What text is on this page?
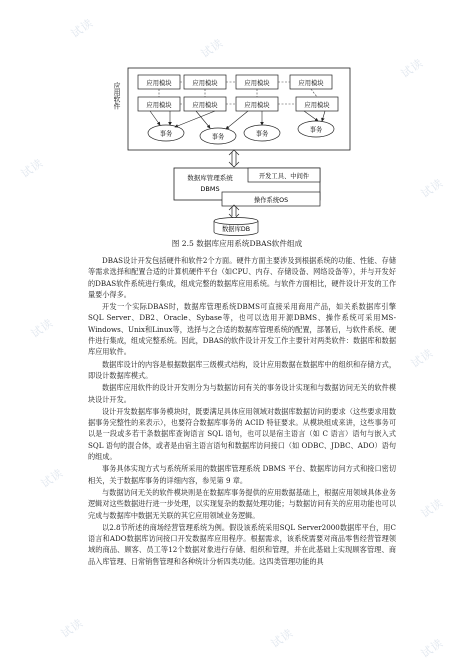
试读
试读
试读
试读
试读
试读
试读
试读
试读
试读	试读	试读
应用软件	应用模块	应用模块	应用模块	应用模块
应用模块	应用模块	应用模块	应用模块
事务	事务	事务
事务
数据库管理系统
DBMS
开发工具、中间件
操作系统OS
数据库DB
图 2.5 数据库应用系统DBAS软件组成

DBAS设计开发包括硬件和软件2个方面。硬件方面主要涉及到根据系统的功能、性能、存储等需求选择和配置合适的计算机硬件平台（如CPU、内存、存储设备、网络设备等），并与开发好的DBAS软件系统进行集成，组成完整的数据库应用系统。与软件方面相比，硬件设计开发的工作量要小得多。

开发一个实际DBAS时，数据库管理系统DBMS可直接采用商用产品，如关系数据库引擎SQL Server、DB2、Oracle、Sybase等，也可以选用开源DBMS、操作系统可采用MS-Windows、Unix和Linux等，选择与之合适的数据库管理系统的配置，部署后，与软件系统、硬件进行集成，组成完整系统。因此，DBAS的软件设计开发工作主要针对两类软件：数据库和数据库应用软件。

数据库设计的内容是根据数据库三级模式结构，设计应用数据在数据库中的组织和存储方式，即设计数据库模式。

数据库应用软件的设计开发则分为与数据访问有关的事务设计实现和与数据访问无关的软件模块设计开发。

设计开发数据库事务模块时，既要满足具体应用领域对数据库数据访问的要求（这些要求用数据事务完整性的来表示），也要符合数据库事务的 ACID 特征要求。从模块组成来讲，这些事务可以是一段或多若干条数据库查询语言 SQL 语句，也可以是宿主语言（如 C 语言）语句与嵌入式 SQL 语句的混合体，或者是由宿主语言语句和数据库访问接口（如 ODBC、JDBC、ADO）语句的组成。

事务具体实现方式与系统所采用的数据库管理系统 DBMS 平台、数据库访问方式和接口密切相关，关于数据库事务的详细内容，参见第 9 章。

与数据访问无关的软件模块则是在数据库事务提供的应用数据基础上，根据应用领域具体业务逻辑对这些数据进行进一步处理，以实现复杂的数据处理功能；与数据访问有关的应用功能也可以完成与数据库中数据无关联的其它应用领域业务逻辑。

以2.8节所述的商场经营管理系统为例。假设该系统采用SQL Server2000数据库平台，用C语言和ADO数据库访问接口开发数据库应用程序。根据需求，该系统需要对商品零售经营管理领域的商品、顾客、员工等12个数据对象进行存储、组织和管理，并在此基础上实现顾客管理、商品入库管理、日常销售管理和各种统计分析四类功能。这四类管理功能的具
